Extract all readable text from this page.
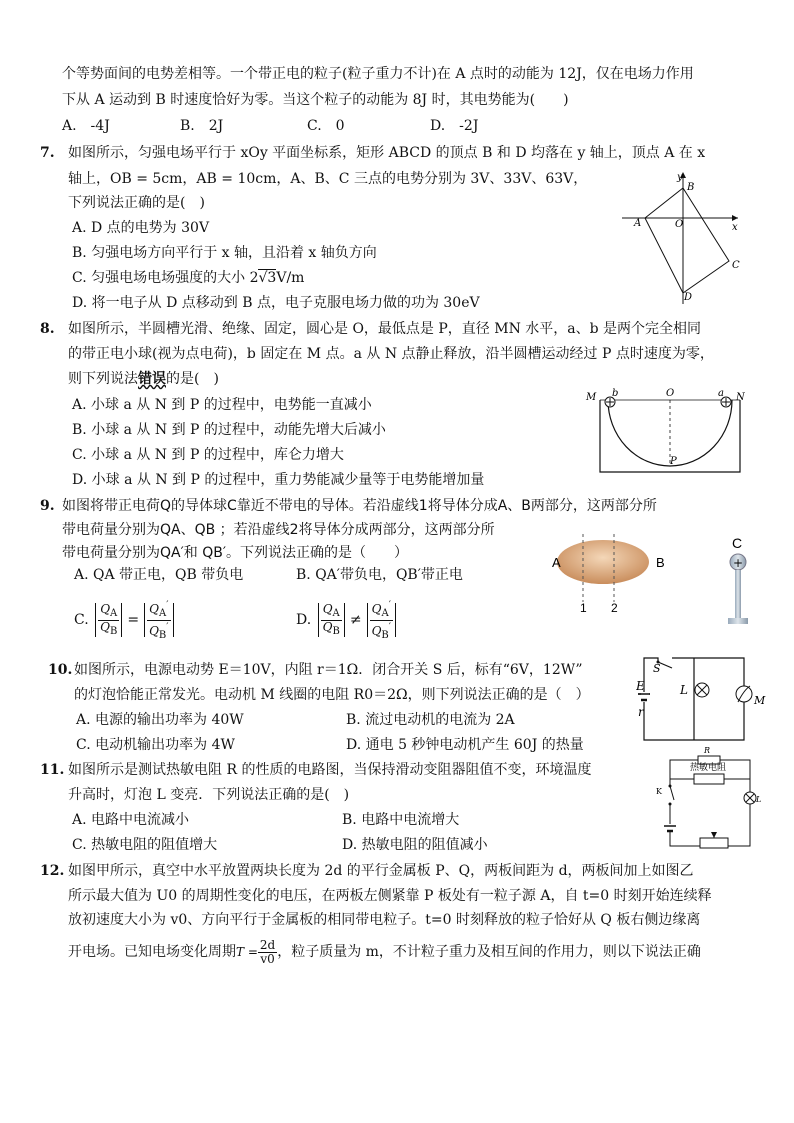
个等势面间的电势差相等。一个带正电的粒子(粒子重力不计)在 A 点时的动能为 12J，仅在电场力作用
下从 A 运动到 B 时速度恰好为零。当这个粒子的动能为 8J 时，其电势能为(　　)
A.　-4J	B.　2J	C.　0	D.　-2J
7. 如图所示，匀强电场平行于 xOy 平面坐标系，矩形 ABCD 的顶点 B 和 D 均落在 y 轴上，顶点 A 在 x
轴上，OB = 5cm，AB = 10cm，A、B、C 三点的电势分别为 3V、33V、63V，
下列说法正确的是(　)
A. D 点的电势为 30V
B. 匀强电场方向平行于 x 轴，且沿着 x 轴负方向
C. 匀强电场电场强度的大小 2√3V/m
D. 将一电子从 D 点移动到 B 点，电子克服电场力做的功为 30eV
y
B
A	O	x
C
D
8. 如图所示，半圆槽光滑、绝缘、固定，圆心是 O，最低点是 P，直径 MN 水平，a、b 是两个完全相同
的带正电小球(视为点电荷)，b 固定在 M 点。a 从 N 点静止释放，沿半圆槽运动经过 P 点时速度为零，
则下列说法错误的是(　)
A. 小球 a 从 N 到 P 的过程中，电势能一直减小
B. 小球 a 从 N 到 P 的过程中，动能先增大后减小
C. 小球 a 从 N 到 P 的过程中，库仑力增大
D. 小球 a 从 N 到 P 的过程中，重力势能减少量等于电势能增加量
M b	O	a N
P
9. 如图将带正电荷Q的导体球C靠近不带电的导体。若沿虚线1将导体分成A、B两部分，这两部分所
带电荷量分别为QA、QB ；若沿虚线2将导体分成两部分，这两部分所
带电荷量分别为QA′和 QB′。下列说法正确的是（　　）
A. QA 带正电，QB 带负电	B. QA′带负电，QB′带正电
C.
$\frac{Q_A}{Q_B} = \frac{Q_A'}{Q_B'}$	D.
$\frac{Q_A}{Q_B} \ne \frac{Q_A'}{Q_B'}$
A	B
1 2
C
+
10. 如图所示，电源电动势 E＝10V，内阻 r＝1Ω．闭合开关 S 后，标有“6V，12W”
的灯泡恰能正常发光。电动机 M 线圈的电阻 R0＝2Ω，则下列说法正确的是（　）
A. 电源的输出功率为 40W	B. 流过电动机的电流为 2A
C. 电动机输出功率为 4W	D. 通电 5 秒钟电动机产生 60J 的热量
S
E
r
L
M
11. 如图所示是测试热敏电阻 R 的性质的电路图，当保持滑动变阻器阻值不变，环境温度
升高时，灯泡 L 变亮．下列说法正确的是(　)
A. 电路中电流减小	B. 电路中电流增大
C. 热敏电阻的阻值增大	D. 热敏电阻的阻值减小
R
热敏电阻
K
L
12. 如图甲所示，真空中水平放置两块长度为 2d 的平行金属板 P、Q，两板间距为 d，两板间加上如图乙
所示最大值为 U0 的周期性变化的电压，在两板左侧紧靠 P 板处有一粒子源 A，自 t=0 时刻开始连续释
放初速度大小为 v0、方向平行于金属板的相同带电粒子。t=0 时刻释放的粒子恰好从 Q 板右侧边缘离
开电场。已知电场变化周期 $T = \frac{2d}{v0}$ ，粒子质量为 m，不计粒子重力及相互间的作用力，则以下说法正确
